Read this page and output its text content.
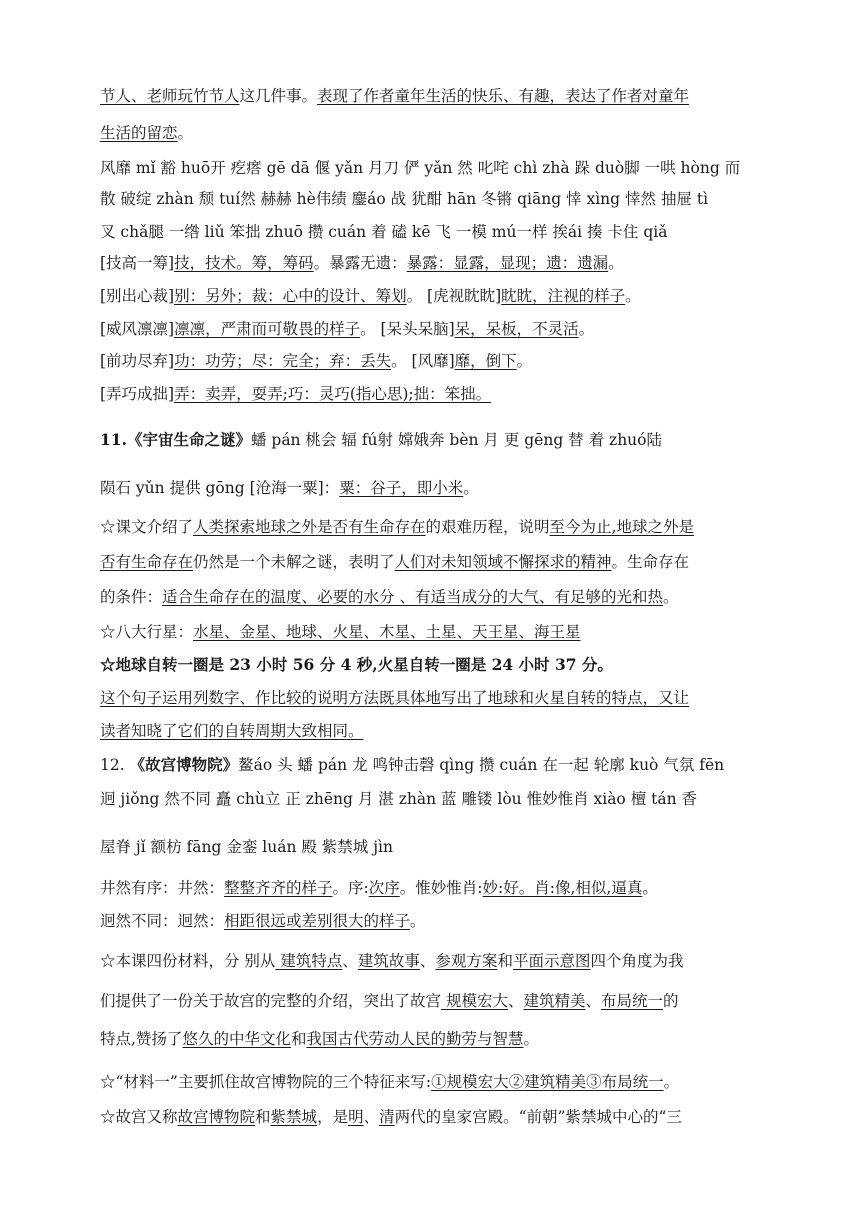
节人、老师玩竹节人这几件事。表现了作者童年生活的快乐、有趣，表达了作者对童年
生活的留恋。
风靡 mǐ 豁 huō开 疙瘩 gē dā 偃 yǎn 月刀 俨 yǎn 然 叱咤 chì zhà 跺 duò脚 一哄 hòng 而
散 破绽 zhàn 颓 tuí然 赫赫 hè伟绩 鏖áo 战 犹酣 hān 冬锵 qiāng 悻 xìng 悻然 抽屉 tì
叉 chǎ腿 一绺 liǔ 笨拙 zhuō 攒 cuán 着 磕 kē 飞 一模 mú一样 挨ái 揍 卡住 qiǎ
[技高一筹]技，技术。筹，筹码。暴露无遗：暴露：显露，显现；遗：遗漏。
[别出心裁]别：另外；裁：心中的设计、筹划。 [虎视眈眈]眈眈，注视的样子。
[威风凛凛]凛凛，严肃而可敬畏的样子。 [呆头呆脑]呆，呆板，不灵活。
[前功尽弃]功：功劳；尽：完全；弃：丢失。 [风靡]靡，倒下。
[弄巧成拙]弄：卖弄，耍弄;巧：灵巧(指心思);拙：笨拙。
11.《宇宙生命之谜》蟠 pán 桃会 辐 fú射 嫦娥奔 bèn 月 更 gēng 替 着 zhuó陆
陨石 yǔn 提供 gōng [沧海一粟]：粟：谷子，即小米。
☆课文介绍了人类探索地球之外是否有生命存在的艰难历程，说明至今为止,地球之外是
否有生命存在仍然是一个未解之谜，表明了人们对未知领域不懈探求的精神。生命存在
的条件：适合生命存在的温度、必要的水分 、有适当成分的大气、有足够的光和热。
☆八大行星：水星、金星、地球、火星、木星、土星、天王星、海王星
☆地球自转一圈是 23 小时 56 分 4 秒,火星自转一圈是 24 小时 37 分。
这个句子运用列数字、作比较的说明方法既具体地写出了地球和火星自转的特点，又让
读者知晓了它们的自转周期大致相同。
12. 《故宫博物院》鳌áo 头 蟠 pán 龙 鸣钟击磬 qìng 攒 cuán 在一起 轮廓 kuò 气氛 fēn
迥 jiǒng 然不同 矗 chù立 正 zhēng 月 湛 zhàn 蓝 雕镂 lòu 惟妙惟肖 xiào 檀 tán 香
屋脊 jǐ 额枋 fāng 金銮 luán 殿 紫禁城 jìn
井然有序：井然：整整齐齐的样子。序:次序。惟妙惟肖:妙:好。肖:像,相似,逼真。
迥然不同：迥然：相距很远或差别很大的样子。
☆本课四份材料，分 别从 建筑特点、建筑故事、参观方案和平面示意图四个角度为我
们提供了一份关于故宫的完整的介绍，突出了故宫 规模宏大、建筑精美、布局统一的
特点,赞扬了悠久的中华文化和我国古代劳动人民的勤劳与智慧。
☆“材料一”主要抓住故宫博物院的三个特征来写:①规模宏大②建筑精美③布局统一。
☆故宫又称故宫博物院和紫禁城，是明、清两代的皇家宫殿。“前朝”紫禁城中心的“三
